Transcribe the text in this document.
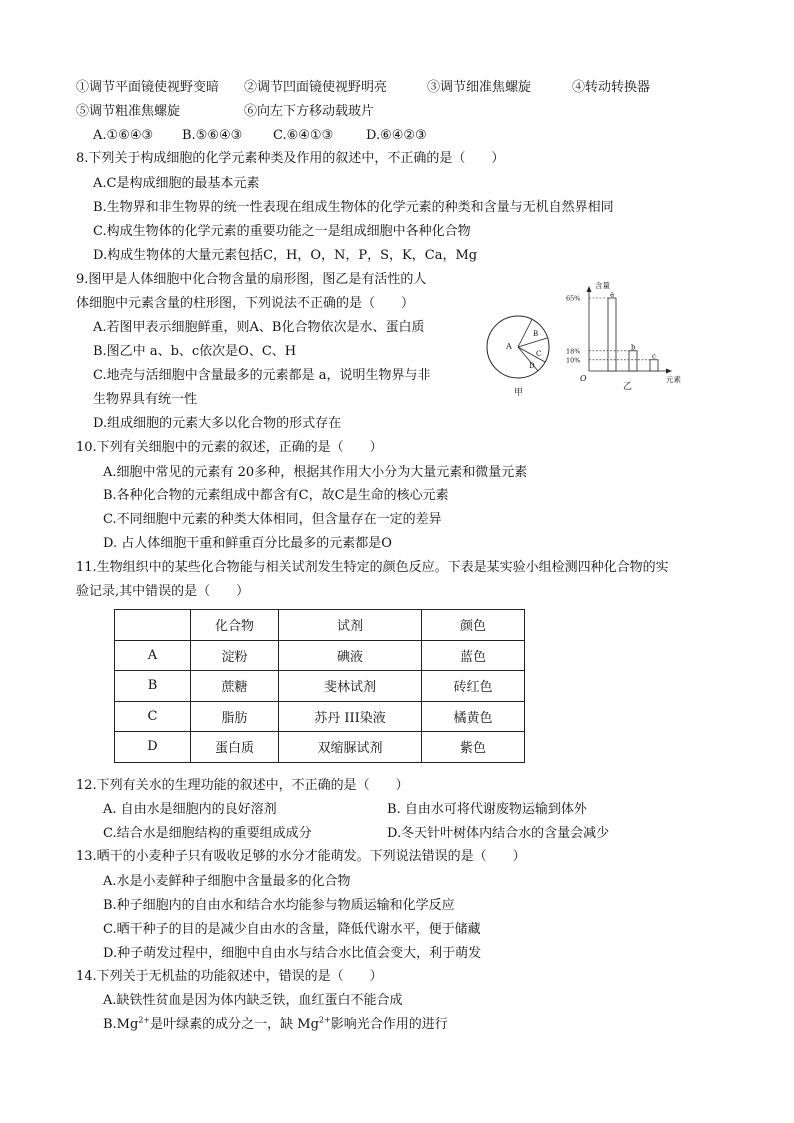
①调节平面镜使视野变暗 ②调节凹面镜使视野明亮	③调节细准焦螺旋	④转动转换器
⑤调节粗准焦螺旋	⑥向左下方移动载玻片
A.①⑥④③ B.⑤⑥④③ C.⑥④①③	D.⑥④②③
8.下列关于构成细胞的化学元素种类及作用的叙述中，不正确的是（　　）
A.C是构成细胞的最基本元素
B.生物界和非生物界的统一性表现在组成生物体的化学元素的种类和含量与无机自然界相同
C.构成生物体的化学元素的重要功能之一是组成细胞中各种化合物
D.构成生物体的大量元素包括C，H，O，N，P，S，K，Ca，Mg
9.图甲是人体细胞中化合物含量的扇形图，图乙是有活性的人
体细胞中元素含量的柱形图，下列说法不正确的是（　　）
A.若图甲表示细胞鲜重，则A、B化合物依次是水、蛋白质
B.图乙中 a、b、c依次是O、C、H
C.地壳与活细胞中含量最多的元素都是 a，说明生物界与非
生物界具有统一性
D.组成细胞的元素大多以化合物的形式存在
A
B
C
D
甲
含量
元素
O
乙
a
65%
b
18%
c
10%
10.下列有关细胞中的元素的叙述，正确的是（　　）
A.细胞中常见的元素有 20多种，根据其作用大小分为大量元素和微量元素
B.各种化合物的元素组成中都含有C，故C是生命的核心元素
C.不同细胞中元素的种类大体相同，但含量存在一定的差异
D. 占人体细胞干重和鲜重百分比最多的元素都是O
11.生物组织中的某些化合物能与相关试剂发生特定的颜色反应。下表是某实验小组检测四种化合物的实
验记录,其中错误的是（　　）
	化合物	试剂	颜色
A	淀粉	碘液	蓝色
B	蔗糖	斐林试剂	砖红色
C	脂肪	苏丹 III染液	橘黄色
D	蛋白质	双缩脲试剂	紫色
12.下列有关水的生理功能的叙述中，不正确的是（　　）
A. 自由水是细胞内的良好溶剂	B. 自由水可将代谢废物运输到体外
C.结合水是细胞结构的重要组成成分	D.冬天针叶树体内结合水的含量会减少
13.晒干的小麦种子只有吸收足够的水分才能萌发。下列说法错误的是（　　）
A.水是小麦鲜种子细胞中含量最多的化合物
B.种子细胞内的自由水和结合水均能参与物质运输和化学反应
C.晒干种子的目的是减少自由水的含量，降低代谢水平，便于储藏
D.种子萌发过程中，细胞中自由水与结合水比值会变大，利于萌发
14.下列关于无机盐的功能叙述中，错误的是（　　）
A.缺铁性贫血是因为体内缺乏铁，血红蛋白不能合成
$B.Mg^{2+}$是叶绿素的成分之一，缺 $Mg^{2+}$影响光合作用的进行
